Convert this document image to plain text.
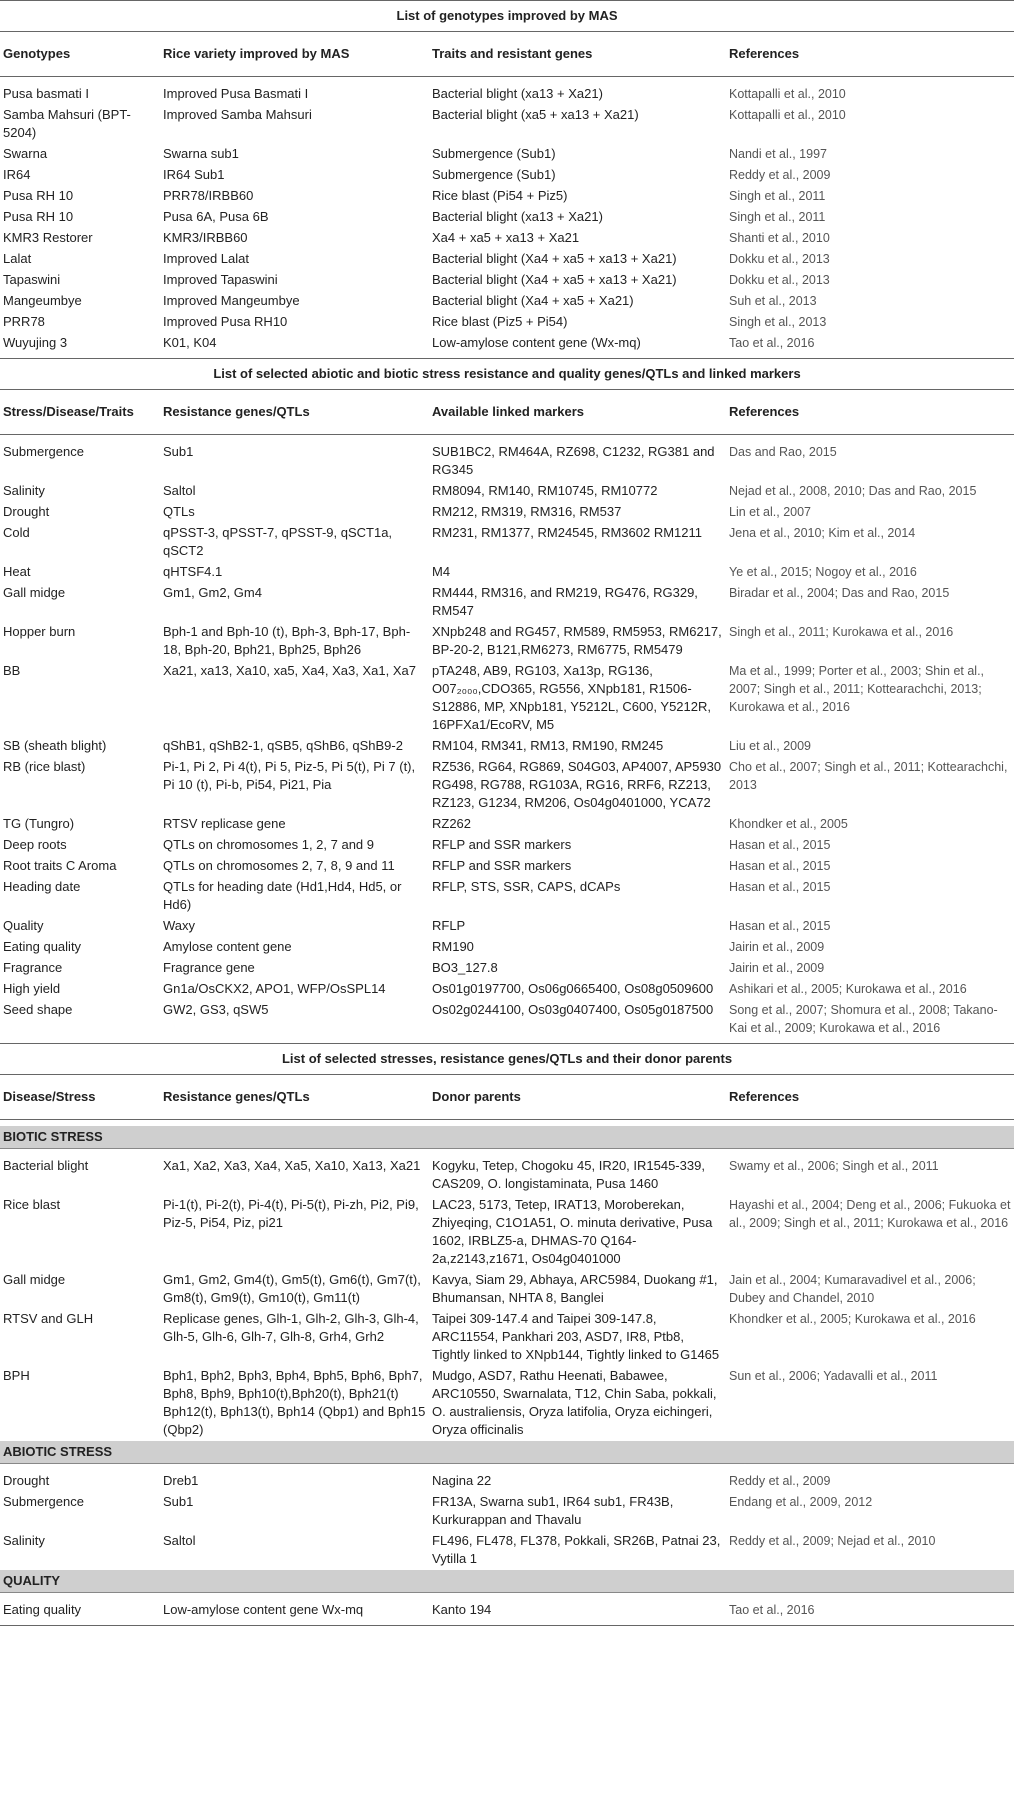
List of genotypes improved by MAS			
Genotypes	Rice variety improved by MAS	Traits and resistant genes	References
Pusa basmati I	Improved Pusa Basmati I	Bacterial blight (xa13 + Xa21)	Kottapalli et al., 2010
Samba Mahsuri (BPT-5204)	Improved Samba Mahsuri	Bacterial blight (xa5 + xa13 + Xa21)	Kottapalli et al., 2010
Swarna	Swarna sub1	Submergence (Sub1)	Nandi et al., 1997
IR64	IR64 Sub1	Submergence (Sub1)	Reddy et al., 2009
Pusa RH 10	PRR78/IRBB60	Rice blast (Pi54 + Piz5)	Singh et al., 2011
Pusa RH 10	Pusa 6A, Pusa 6B	Bacterial blight (xa13 + Xa21)	Singh et al., 2011
KMR3 Restorer	KMR3/IRBB60	Xa4 + xa5 + xa13 + Xa21	Shanti et al., 2010
Lalat	Improved Lalat	Bacterial blight (Xa4 + xa5 + xa13 + Xa21)	Dokku et al., 2013
Tapaswini	Improved Tapaswini	Bacterial blight (Xa4 + xa5 + xa13 + Xa21)	Dokku et al., 2013
Mangeumbye	Improved Mangeumbye	Bacterial blight (Xa4 + xa5 + Xa21)	Suh et al., 2013
PRR78	Improved Pusa RH10	Rice blast (Piz5 + Pi54)	Singh et al., 2013
Wuyujing 3	K01, K04	Low-amylose content gene (Wx-mq)	Tao et al., 2016
List of selected abiotic and biotic stress resistance and quality genes/QTLs and linked markers			
Stress/Disease/Traits	Resistance genes/QTLs	Available linked markers	References
Submergence	Sub1	SUB1BC2, RM464A, RZ698, C1232, RG381 and RG345	Das and Rao, 2015
Salinity	Saltol	RM8094, RM140, RM10745, RM10772	Nejad et al., 2008, 2010; Das and Rao, 2015
Drought	QTLs	RM212, RM319, RM316, RM537	Lin et al., 2007
Cold	qPSST-3, qPSST-7, qPSST-9, qSCT1a, qSCT2	RM231, RM1377, RM24545, RM3602 RM1211	Jena et al., 2010; Kim et al., 2014
Heat	qHTSF4.1	M4	Ye et al., 2015; Nogoy et al., 2016
Gall midge	Gm1, Gm2, Gm4	RM444, RM316, and RM219, RG476, RG329, RM547	Biradar et al., 2004; Das and Rao, 2015
Hopper burn	Bph-1 and Bph-10 (t), Bph-3, Bph-17, Bph-18, Bph-20, Bph21, Bph25, Bph26	XNpb248 and RG457, RM589, RM5953, RM6217, BP-20-2, B121,RM6273, RM6775, RM5479	Singh et al., 2011; Kurokawa et al., 2016
BB	Xa21, xa13, Xa10, xa5, Xa4, Xa3, Xa1, Xa7	pTA248, AB9, RG103, Xa13p, RG136, O07₂₀₀₀,CDO365, RG556, XNpb181, R1506-S12886, MP, XNpb181, Y5212L, C600, Y5212R, 16PFXa1/EcoRV, M5	Ma et al., 1999; Porter et al., 2003; Shin et al., 2007; Singh et al., 2011; Kottearachchi, 2013; Kurokawa et al., 2016
SB (sheath blight)	qShB1, qShB2-1, qSB5, qShB6, qShB9-2	RM104, RM341, RM13, RM190, RM245	Liu et al., 2009
RB (rice blast)	Pi-1, Pi 2, Pi 4(t), Pi 5, Piz-5, Pi 5(t), Pi 7 (t), Pi 10 (t), Pi-b, Pi54, Pi21, Pia	RZ536, RG64, RG869, S04G03, AP4007, AP5930 RG498, RG788, RG103A, RG16, RRF6, RZ213, RZ123, G1234, RM206, Os04g0401000, YCA72	Cho et al., 2007; Singh et al., 2011; Kottearachchi, 2013
TG (Tungro)	RTSV replicase gene	RZ262	Khondker et al., 2005
Deep roots	QTLs on chromosomes 1, 2, 7 and 9	RFLP and SSR markers	Hasan et al., 2015
Root traits C Aroma	QTLs on chromosomes 2, 7, 8, 9 and 11	RFLP and SSR markers	Hasan et al., 2015
Heading date	QTLs for heading date (Hd1,Hd4, Hd5, or Hd6)	RFLP, STS, SSR, CAPS, dCAPs	Hasan et al., 2015
Quality	Waxy	RFLP	Hasan et al., 2015
Eating quality	Amylose content gene	RM190	Jairin et al., 2009
Fragrance	Fragrance gene	BO3_127.8	Jairin et al., 2009
High yield	Gn1a/OsCKX2, APO1, WFP/OsSPL14	Os01g0197700, Os06g0665400, Os08g0509600	Ashikari et al., 2005; Kurokawa et al., 2016
Seed shape	GW2, GS3, qSW5	Os02g0244100, Os03g0407400, Os05g0187500	Song et al., 2007; Shomura et al., 2008; Takano-Kai et al., 2009; Kurokawa et al., 2016
List of selected stresses, resistance genes/QTLs and their donor parents			
Disease/Stress	Resistance genes/QTLs	Donor parents	References

BIOTIC STRESS			
Bacterial blight	Xa1, Xa2, Xa3, Xa4, Xa5, Xa10, Xa13, Xa21	Kogyku, Tetep, Chogoku 45, IR20, IR1545-339, CAS209, O. longistaminata, Pusa 1460	Swamy et al., 2006; Singh et al., 2011
Rice blast	Pi-1(t), Pi-2(t), Pi-4(t), Pi-5(t), Pi-zh, Pi2, Pi9, Piz-5, Pi54, Piz, pi21	LAC23, 5173, Tetep, IRAT13, Moroberekan, Zhiyeqing, C1O1A51, O. minuta derivative, Pusa 1602, IRBLZ5-a, DHMAS-70 Q164-2a,z2143,z1671, Os04g0401000	Hayashi et al., 2004; Deng et al., 2006; Fukuoka et al., 2009; Singh et al., 2011; Kurokawa et al., 2016
Gall midge	Gm1, Gm2, Gm4(t), Gm5(t), Gm6(t), Gm7(t), Gm8(t), Gm9(t), Gm10(t), Gm11(t)	Kavya, Siam 29, Abhaya, ARC5984, Duokang #1, Bhumansan, NHTA 8, Banglei	Jain et al., 2004; Kumaravadivel et al., 2006; Dubey and Chandel, 2010
RTSV and GLH	Replicase genes, Glh-1, Glh-2, Glh-3, Glh-4, Glh-5, Glh-6, Glh-7, Glh-8, Grh4, Grh2	Taipei 309-147.4 and Taipei 309-147.8, ARC11554, Pankhari 203, ASD7, IR8, Ptb8, Tightly linked to XNpb144, Tightly linked to G1465	Khondker et al., 2005; Kurokawa et al., 2016
BPH	Bph1, Bph2, Bph3, Bph4, Bph5, Bph6, Bph7, Bph8, Bph9, Bph10(t),Bph20(t), Bph21(t) Bph12(t), Bph13(t), Bph14 (Qbp1) and Bph15 (Qbp2)	Mudgo, ASD7, Rathu Heenati, Babawee, ARC10550, Swarnalata, T12, Chin Saba, pokkali, O. australiensis, Oryza latifolia, Oryza eichingeri, Oryza officinalis	Sun et al., 2006; Yadavalli et al., 2011
ABIOTIC STRESS			
Drought	Dreb1	Nagina 22	Reddy et al., 2009
Submergence	Sub1	FR13A, Swarna sub1, IR64 sub1, FR43B, Kurkurappan and Thavalu	Endang et al., 2009, 2012
Salinity	Saltol	FL496, FL478, FL378, Pokkali, SR26B, Patnai 23, Vytilla 1	Reddy et al., 2009; Nejad et al., 2010
QUALITY			
Eating quality	Low-amylose content gene Wx-mq	Kanto 194	Tao et al., 2016
